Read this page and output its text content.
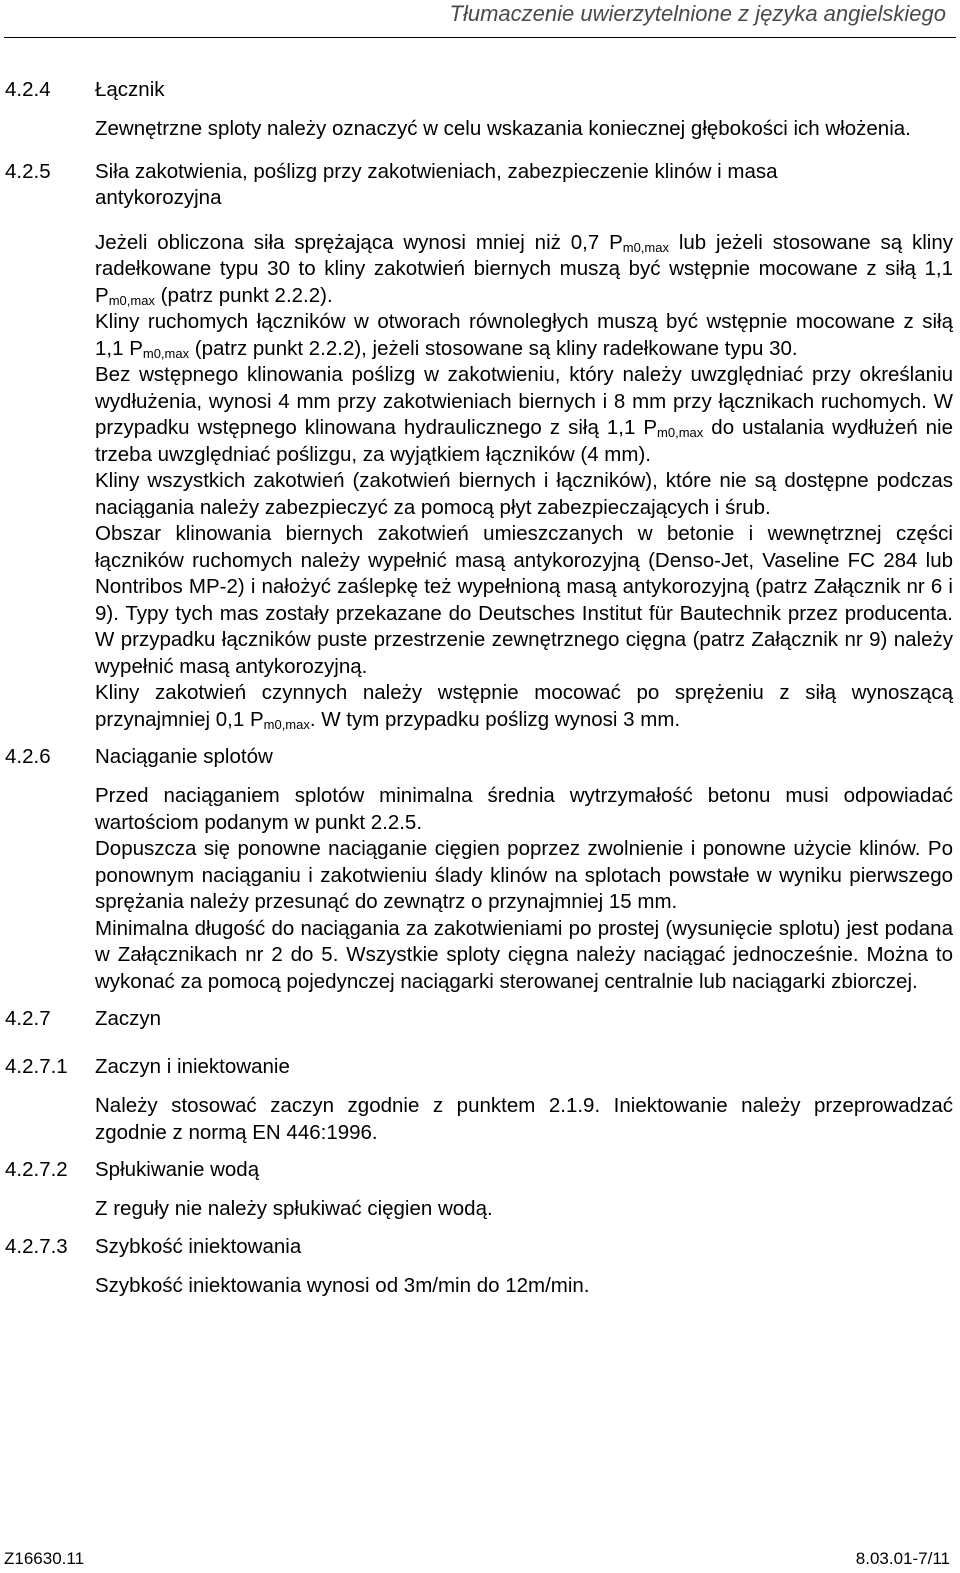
Tłumaczenie uwierzytelnione z języka angielskiego
4.2.4 Łącznik

Zewnętrzne sploty należy oznaczyć w celu wskazania koniecznej głębokości ich włożenia.

4.2.5 Siła zakotwienia, poślizg przy zakotwieniach, zabezpieczenie klinów i masa antykorozyjna

Jeżeli obliczona siła sprężająca wynosi mniej niż 0,7 $P_{m0,max}$ lub jeżeli stosowane są kliny radełkowane typu 30 to kliny zakotwień biernych muszą być wstępnie mocowane z siłą 1,1 $P_{m0,max}$ (patrz punkt 2.2.2).

Kliny ruchomych łączników w otworach równoległych muszą być wstępnie mocowane z siłą 1,1 $P_{m0,max}$ (patrz punkt 2.2.2), jeżeli stosowane są kliny radełkowane typu 30.

Bez wstępnego klinowania poślizg w zakotwieniu, który należy uwzględniać przy określaniu wydłużenia, wynosi 4 mm przy zakotwieniach biernych i 8 mm przy łącznikach ruchomych. W przypadku wstępnego klinowana hydraulicznego z siłą 1,1 $P_{m0,max}$ do ustalania wydłużeń nie trzeba uwzględniać poślizgu, za wyjątkiem łączników (4 mm).

Kliny wszystkich zakotwień (zakotwień biernych i łączników), które nie są dostępne podczas naciągania należy zabezpieczyć za pomocą płyt zabezpieczających i śrub.

Obszar klinowania biernych zakotwień umieszczanych w betonie i wewnętrznej części łączników ruchomych należy wypełnić masą antykorozyjną (Denso-Jet, Vaseline FC 284 lub Nontribos MP-2) i nałożyć zaślepkę też wypełnioną masą antykorozyjną (patrz Załącznik nr 6 i 9). Typy tych mas zostały przekazane do Deutsches Institut für Bautechnik przez producenta. W przypadku łączników puste przestrzenie zewnętrznego cięgna (patrz Załącznik nr 9) należy wypełnić masą antykorozyjną.

Kliny zakotwień czynnych należy wstępnie mocować po sprężeniu z siłą wynoszącą przynajmniej 0,1 $P_{m0,max}$. W tym przypadku poślizg wynosi 3 mm.

4.2.6 Naciąganie splotów

Przed naciąganiem splotów minimalna średnia wytrzymałość betonu musi odpowiadać wartościom podanym w punkt 2.2.5.

Dopuszcza się ponowne naciąganie cięgien poprzez zwolnienie i ponowne użycie klinów. Po ponownym naciąganiu i zakotwieniu ślady klinów na splotach powstałe w wyniku pierwszego sprężania należy przesunąć do zewnątrz o przynajmniej 15 mm.

Minimalna długość do naciągania za zakotwieniami po prostej (wysunięcie splotu) jest podana w Załącznikach nr 2 do 5. Wszystkie sploty cięgna należy naciągać jednocześnie. Można to wykonać za pomocą pojedynczej naciągarki sterowanej centralnie lub naciągarki zbiorczej.

4.2.7 Zaczyn
4.2.7.1 Zaczyn i iniektowanie

Należy stosować zaczyn zgodnie z punktem 2.1.9. Iniektowanie należy przeprowadzać zgodnie z normą EN 446:1996.

4.2.7.2 Spłukiwanie wodą

Z reguły nie należy spłukiwać cięgien wodą.

4.2.7.3 Szybkość iniektowania

Szybkość iniektowania wynosi od 3m/min do 12m/min.

Z16630.11	8.03.01-7/11
